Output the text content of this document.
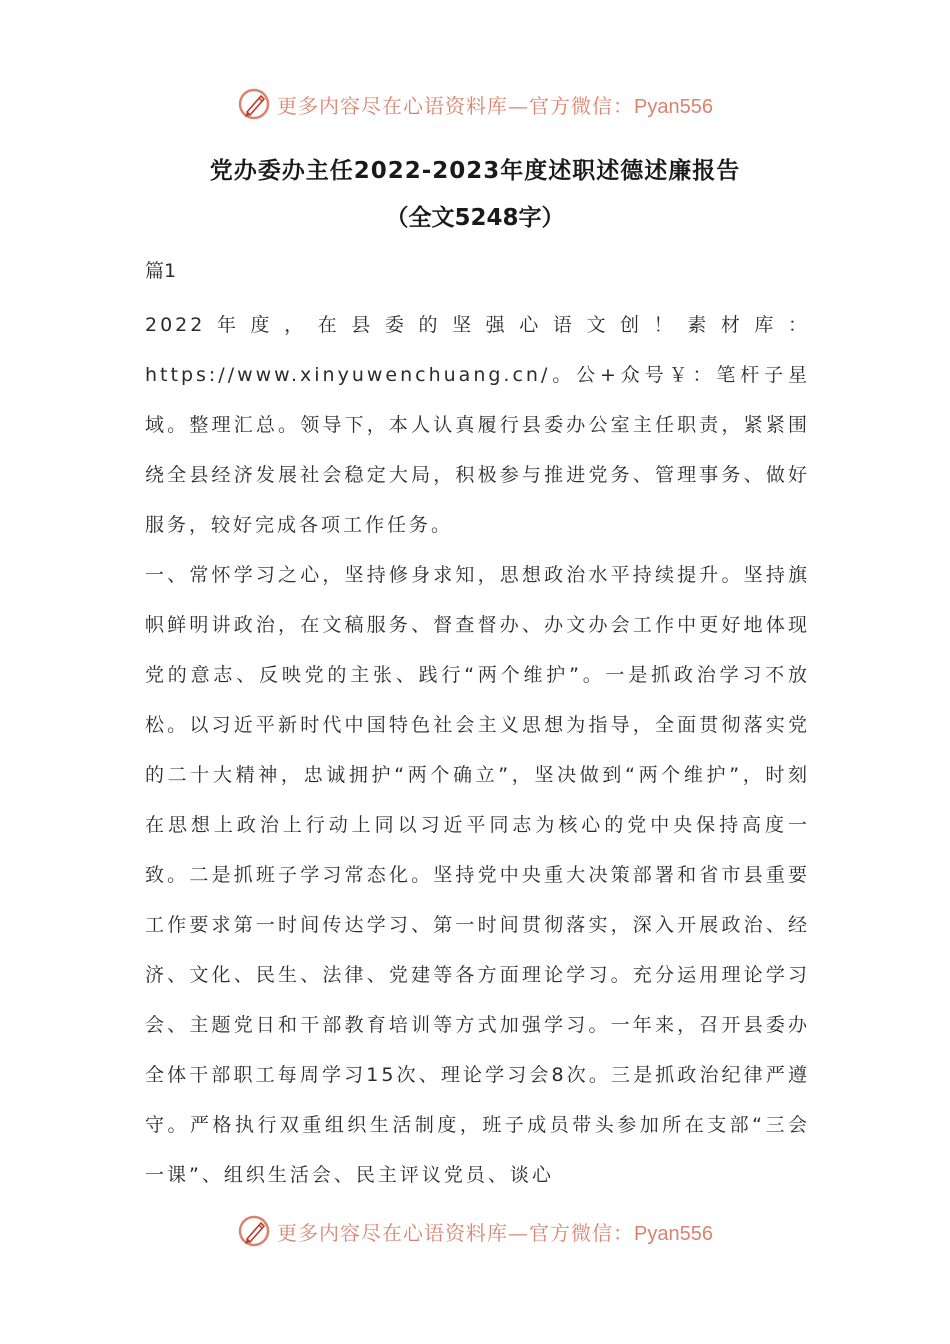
更多内容尽在心语资料库—官方微信：Pyan556
党办委办主任2022-2023年度述职述德述廉报告
（全文5248字）
篇1

2022年度，在县委的坚强心语文创！素材库：https://www.xinyuwenchuang.cn/。公+众号￥：笔杆子星域。整理汇总。领导下，本人认真履行县委办公室主任职责，紧紧围绕全县经济发展社会稳定大局，积极参与推进党务、管理事务、做好服务，较好完成各项工作任务。

一、常怀学习之心，坚持修身求知，思想政治水平持续提升。坚持旗帜鲜明讲政治，在文稿服务、督查督办、办文办会工作中更好地体现党的意志、反映党的主张、践行“两个维护”。一是抓政治学习不放松。以习近平新时代中国特色社会主义思想为指导，全面贯彻落实党的二十大精神，忠诚拥护“两个确立”，坚决做到“两个维护”，时刻在思想上政治上行动上同以习近平同志为核心的党中央保持高度一致。二是抓班子学习常态化。坚持党中央重大决策部署和省市县重要工作要求第一时间传达学习、第一时间贯彻落实，深入开展政治、经济、文化、民生、法律、党建等各方面理论学习。充分运用理论学习会、主题党日和干部教育培训等方式加强学习。一年来，召开县委办全体干部职工每周学习15次、理论学习会8次。三是抓政治纪律严遵守。严格执行双重组织生活制度，班子成员带头参加所在支部“三会一课”、组织生活会、民主评议党员、谈心

更多内容尽在心语资料库—官方微信：Pyan556
